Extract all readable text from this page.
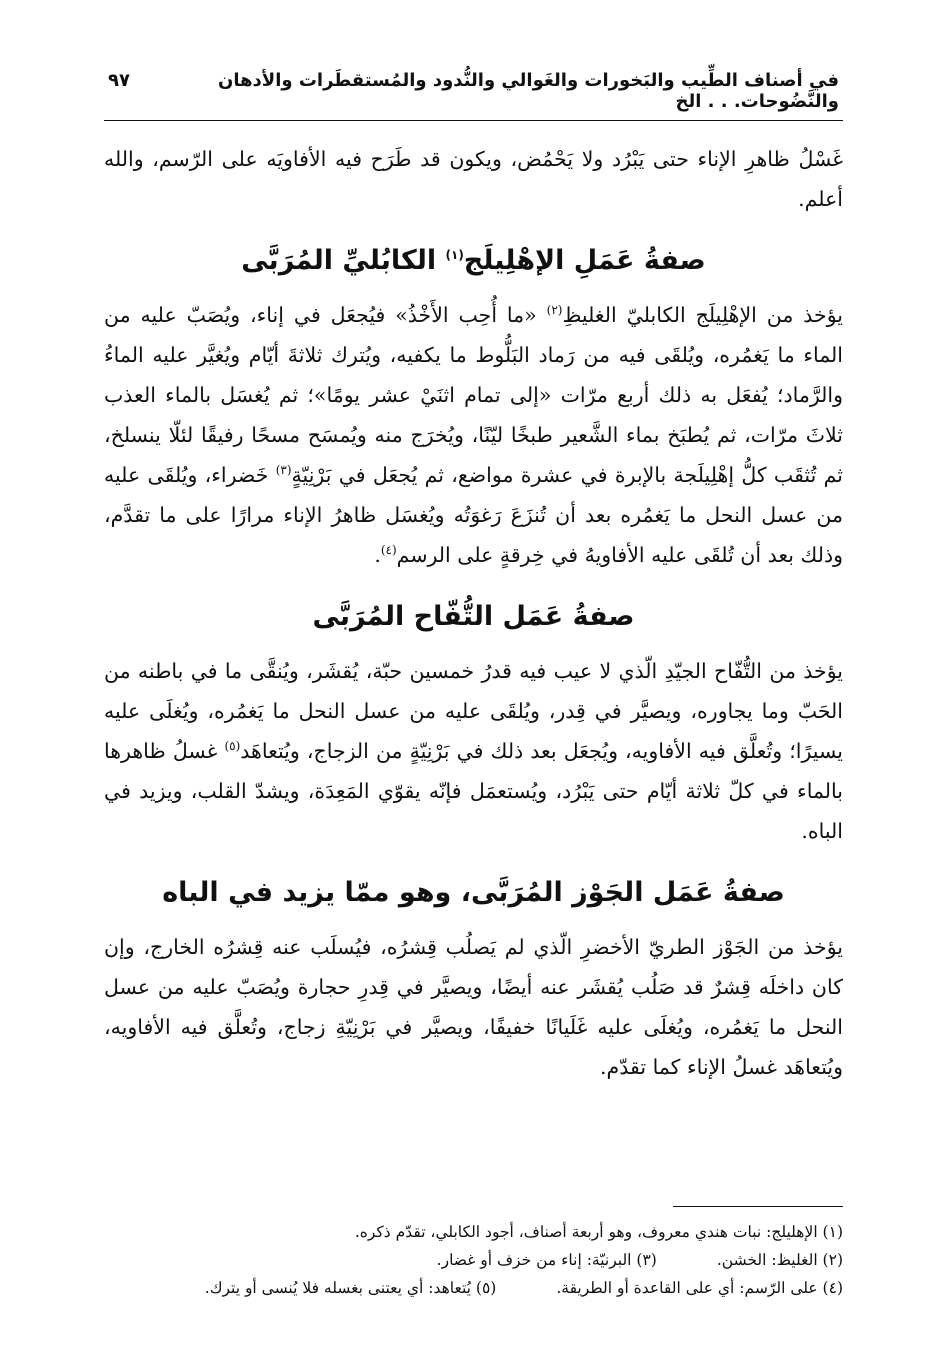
في أصناف الطِّيب والبَخورات والغَوالي والنُّدود والمُستقطَرات والأدهان والنَّضُوحات. . . الخ
٩٧

غَسْلُ ظاهرِ الإناء حتى يَبْرُد ولا يَحْمُض، ويكون قد طَرَح فيه الأفاويَه على الرّسم، والله أعلم.

صفةُ عَمَلِ الإهْلِيلَج$^{(١)}$ الكابُليِّ المُرَبَّى

يؤخذ من الإهْلِيلَج الكابليّ الغليظِ$^{(٢)}$ «ما أُحِب الأَخْذُ» فيُجعَل في إناء، ويُصَبّ عليه من الماء ما يَغمُره، ويُلقَى فيه من رَماد البَلُّوط ما يكفيه، ويُترك ثلاثةَ أيّام ويُغيَّر عليه الماءُ والرَّماد؛ يُفعَل به ذلك أربع مرّات «إلى تمام اثنَيْ عشر يومًا»؛ ثم يُغسَل بالماء العذب ثلاثَ مرّات، ثم يُطبَخ بماء الشَّعير طبخًا ليّنًا، ويُخرَج منه ويُمسَح مسحًا رفيقًا لئلّا ينسلخ، ثم تُثقَب كلُّ إهْلِيلَجة بالإبرة في عشرة مواضع، ثم يُجعَل في بَرْنِيّةٍ$^{(٣)}$ خَضراء، ويُلقَى عليه من عسل النحل ما يَغمُره بعد أن تُنزَعَ رَغوَتُه ويُغسَل ظاهرُ الإناء مرارًا على ما تقدَّم، وذلك بعد أن تُلقَى عليه الأفاويهُ في خِرقةٍ على الرسم$^{(٤)}$.

صفةُ عَمَل التُّفّاح المُرَبَّى

يؤخذ من التُّفّاح الجيّدِ الّذي لا عيب فيه قدرُ خمسين حبّة، يُقشَر، ويُنقَّى ما في باطنه من الحَبّ وما يجاوره، ويصيَّر في قِدر، ويُلقَى عليه من عسل النحل ما يَغمُره، ويُغلَى عليه يسيرًا؛ وتُعلَّق فيه الأفاويه، ويُجعَل بعد ذلك في بَرْنِيّةٍ من الزجاج، ويُتعاهَد$^{(٥)}$ غسلُ ظاهرها بالماء في كلّ ثلاثة أيّام حتى يَبْرُد، ويُستعمَل فإنّه يقوّي المَعِدَة، ويشدّ القلب، ويزيد في الباه.

صفةُ عَمَل الجَوْز المُرَبَّى، وهو ممّا يزيد في الباه

يؤخذ من الجَوْز الطريّ الأخضرِ الّذي لم يَصلُب قِشرُه، فيُسلَب عنه قِشرُه الخارج، وإن كان داخلَه قِشرٌ قد صَلُب يُقشَر عنه أيضًا، ويصيَّر في قِدرِ حجارة ويُصَبّ عليه من عسل النحل ما يَغمُره، ويُغلَى عليه غَلَيانًا خفيفًا، ويصيَّر في بَرْنِيّةِ زجاج، وتُعلَّق فيه الأفاويه، ويُتعاهَد غسلُ الإناء كما تقدّم.

(١) الإهليلج: نبات هندي معروف، وهو أربعة أصناف، أجود الكابلي، تقدّم ذكره.
(٢) الغليظ: الخشن.
(٣) البرنيّة: إناء من خزف أو غضار.
(٤) على الرّسم: أي على القاعدة أو الطريقة.
(٥) يُتعاهد: أي يعتنى بغسله فلا يُنسى أو يترك.
